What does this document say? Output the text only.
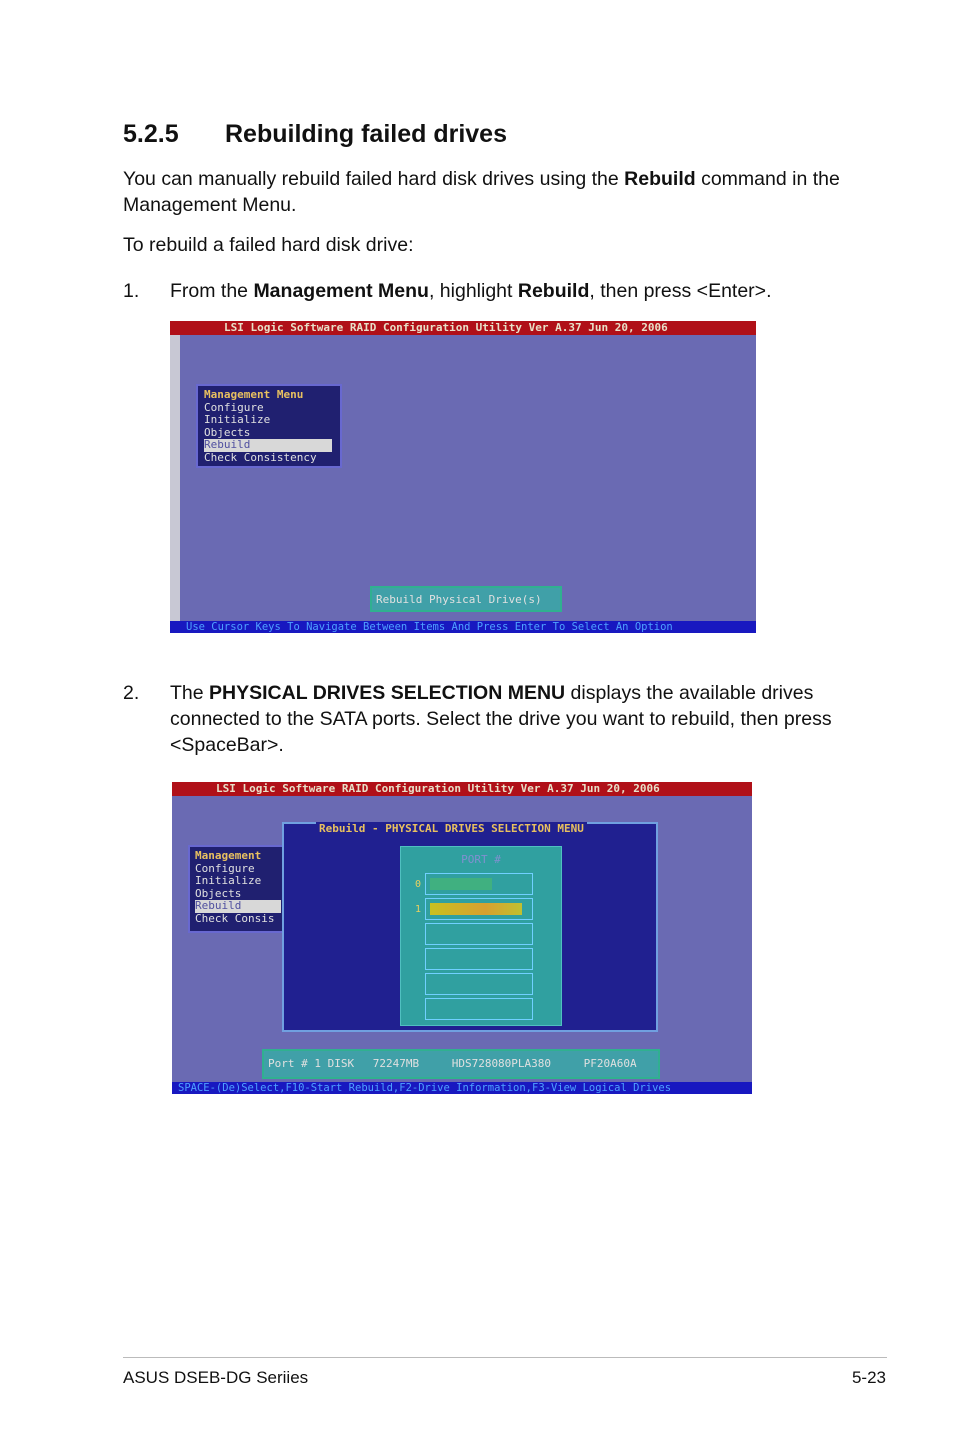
5.2.5 Rebuilding failed drives

You can manually rebuild failed hard disk drives using the Rebuild command in the Management Menu.

To rebuild a failed hard disk drive:

1. From the Management Menu, highlight Rebuild, then press <Enter>.

LSI Logic Software RAID Configuration Utility Ver A.37 Jun 20, 2006
Management Menu
Configure
Initialize
Objects
Rebuild
Check Consistency
Rebuild Physical Drive(s)
Use Cursor Keys To Navigate Between Items And Press Enter To Select An Option

2. The PHYSICAL DRIVES SELECTION MENU displays the available drives connected to the SATA ports. Select the drive you want to rebuild, then press <SpaceBar>.

LSI Logic Software RAID Configuration Utility Ver A.37 Jun 20, 2006
Management
Configure
Initialize
Objects
Rebuild
Check Consis
Rebuild - PHYSICAL DRIVES SELECTION MENU
PORT #
0
1
Port # 1 DISK 72247MB	HDS728080PLA380	PF20A60A
SPACE-(De)Select,F10-Start Rebuild,F2-Drive Information,F3-View Logical Drives
ASUS DSEB-DG Seriies	5-23
